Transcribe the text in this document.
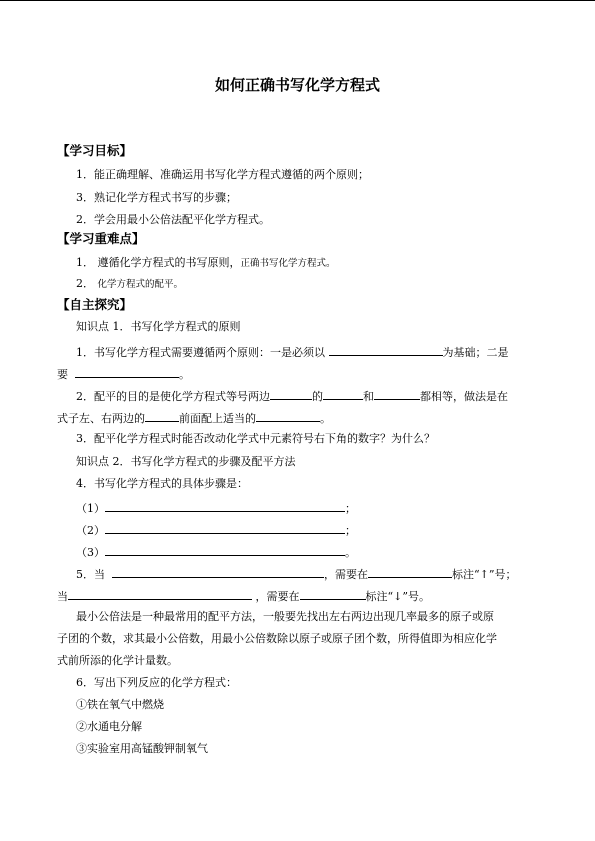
如何正确书写化学方程式
【学习目标】
1．能正确理解、准确运用书写化学方程式遵循的两个原则；
3．熟记化学方程式书写的步骤；
2．学会用最小公倍法配平化学方程式。
【学习重难点】
1． 遵循化学方程式的书写原则，正确书写化学方程式。
2． 化学方程式的配平。
【自主探究】
知识点 1．书写化学方程式的原则
1．书写化学方程式需要遵循两个原则：一是必须以	为基础；二是
要	。
2．配平的目的是使化学方程式等号两边	的	和	都相等，做法是在
式子左、右两边的	前面配上适当的	。
3．配平化学方程式时能否改动化学式中元素符号右下角的数字？为什么？
知识点 2．书写化学方程式的步骤及配平方法
4．书写化学方程式的具体步骤是：
（1）	；
（2）	；
（3）	。
5．当	，需要在	标注“↑”号；
当	，需要在	标注“↓”号。
最小公倍法是一种最常用的配平方法，一般要先找出左右两边出现几率最多的原子或原
子团的个数，求其最小公倍数，用最小公倍数除以原子或原子团个数，所得值即为相应化学
式前所添的化学计量数。
6．写出下列反应的化学方程式：
①铁在氧气中燃烧
②水通电分解
③实验室用高锰酸钾制氧气
